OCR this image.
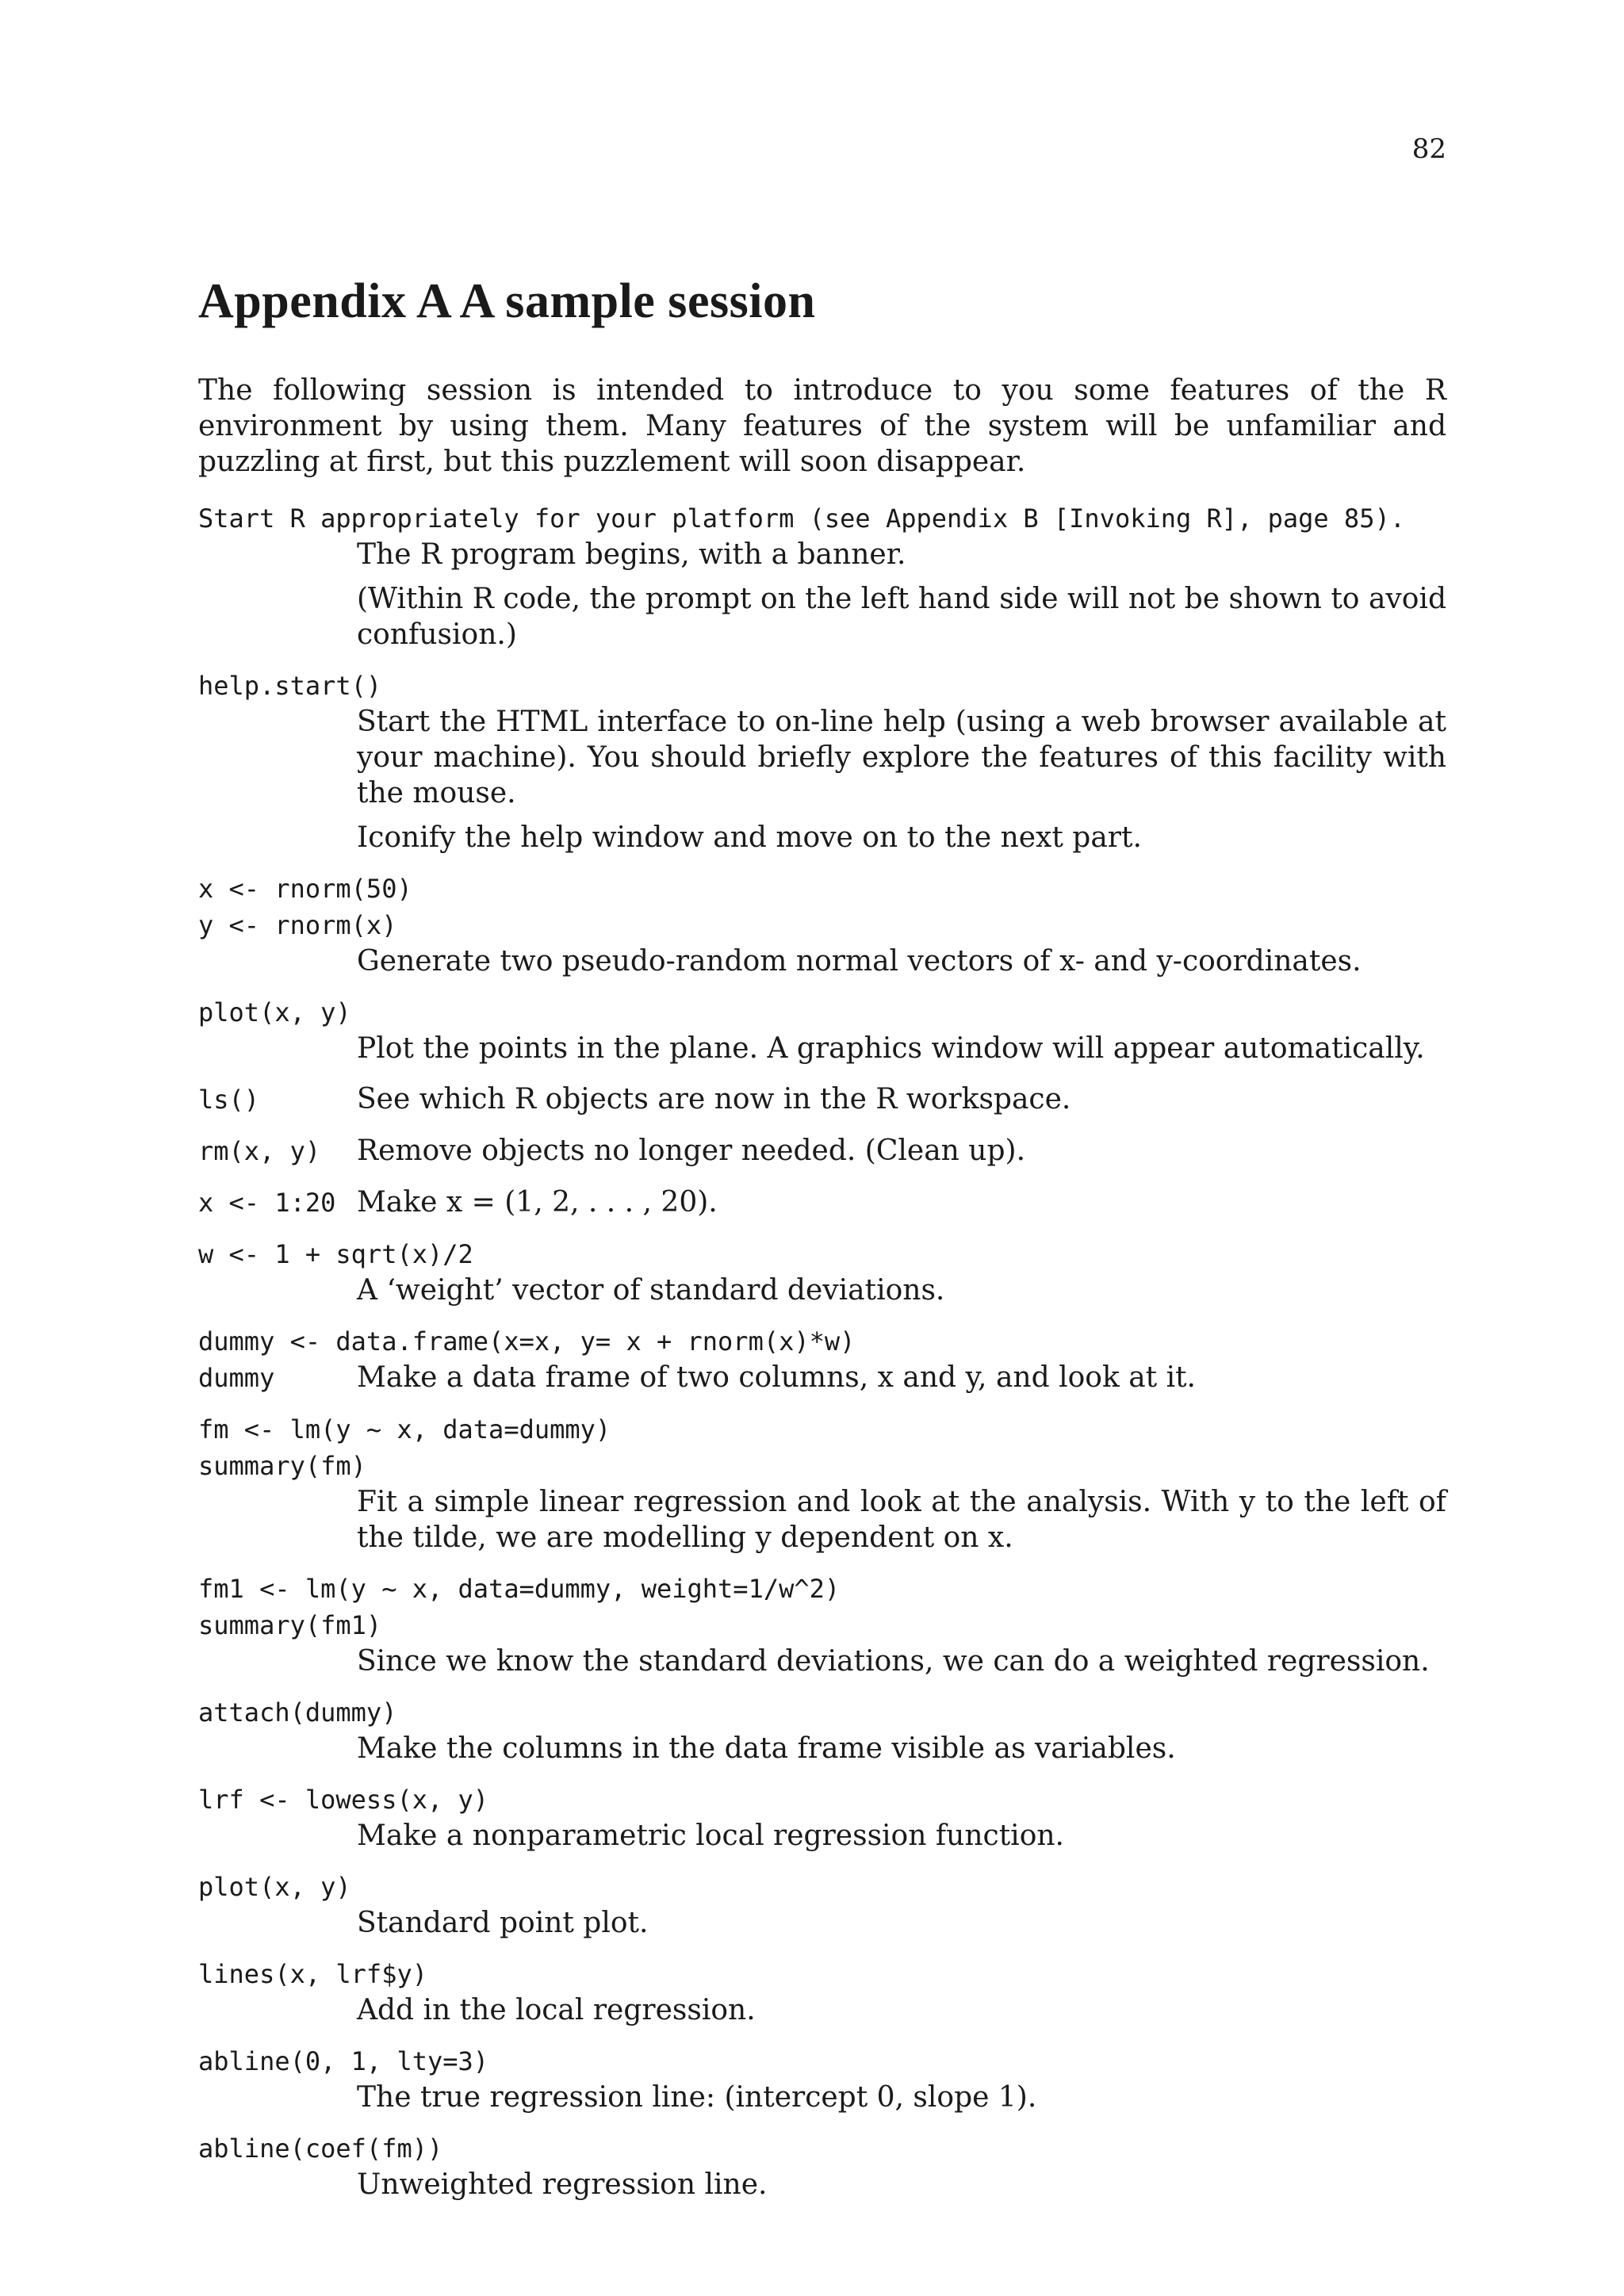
82
Appendix A A sample session

The following session is intended to introduce to you some features of the R environment by using them. Many features of the system will be unfamiliar and puzzling at first, but this puzzlement will soon disappear.

Start R appropriately for your platform (see Appendix B [Invoking R], page 85).
The R program begins, with a banner.
(Within R code, the prompt on the left hand side will not be shown to avoid confusion.)
help.start()
Start the HTML interface to on-line help (using a web browser available at your machine). You should briefly explore the features of this facility with the mouse.
Iconify the help window and move on to the next part.
x <- rnorm(50)
y <- rnorm(x)
Generate two pseudo-random normal vectors of x- and y-coordinates.
plot(x, y)
Plot the points in the plane. A graphics window will appear automatically.
ls()	See which R objects are now in the R workspace.
rm(x, y)	Remove objects no longer needed. (Clean up).
x <- 1:20 Make x = (1, 2, . . . , 20).
w <- 1 + sqrt(x)/2
A ‘weight’ vector of standard deviations.
dummy <- data.frame(x=x, y= x + rnorm(x)*w)
dummy	Make a data frame of two columns, x and y, and look at it.
fm <- lm(y ~ x, data=dummy)
summary(fm)
Fit a simple linear regression and look at the analysis. With y to the left of the tilde, we are modelling y dependent on x.
fm1 <- lm(y ~ x, data=dummy, weight=1/w^2)
summary(fm1)
Since we know the standard deviations, we can do a weighted regression.
attach(dummy)
Make the columns in the data frame visible as variables.
lrf <- lowess(x, y)
Make a nonparametric local regression function.
plot(x, y)
Standard point plot.
lines(x, lrf$y)
Add in the local regression.
abline(0, 1, lty=3)
The true regression line: (intercept 0, slope 1).
abline(coef(fm))
Unweighted regression line.
